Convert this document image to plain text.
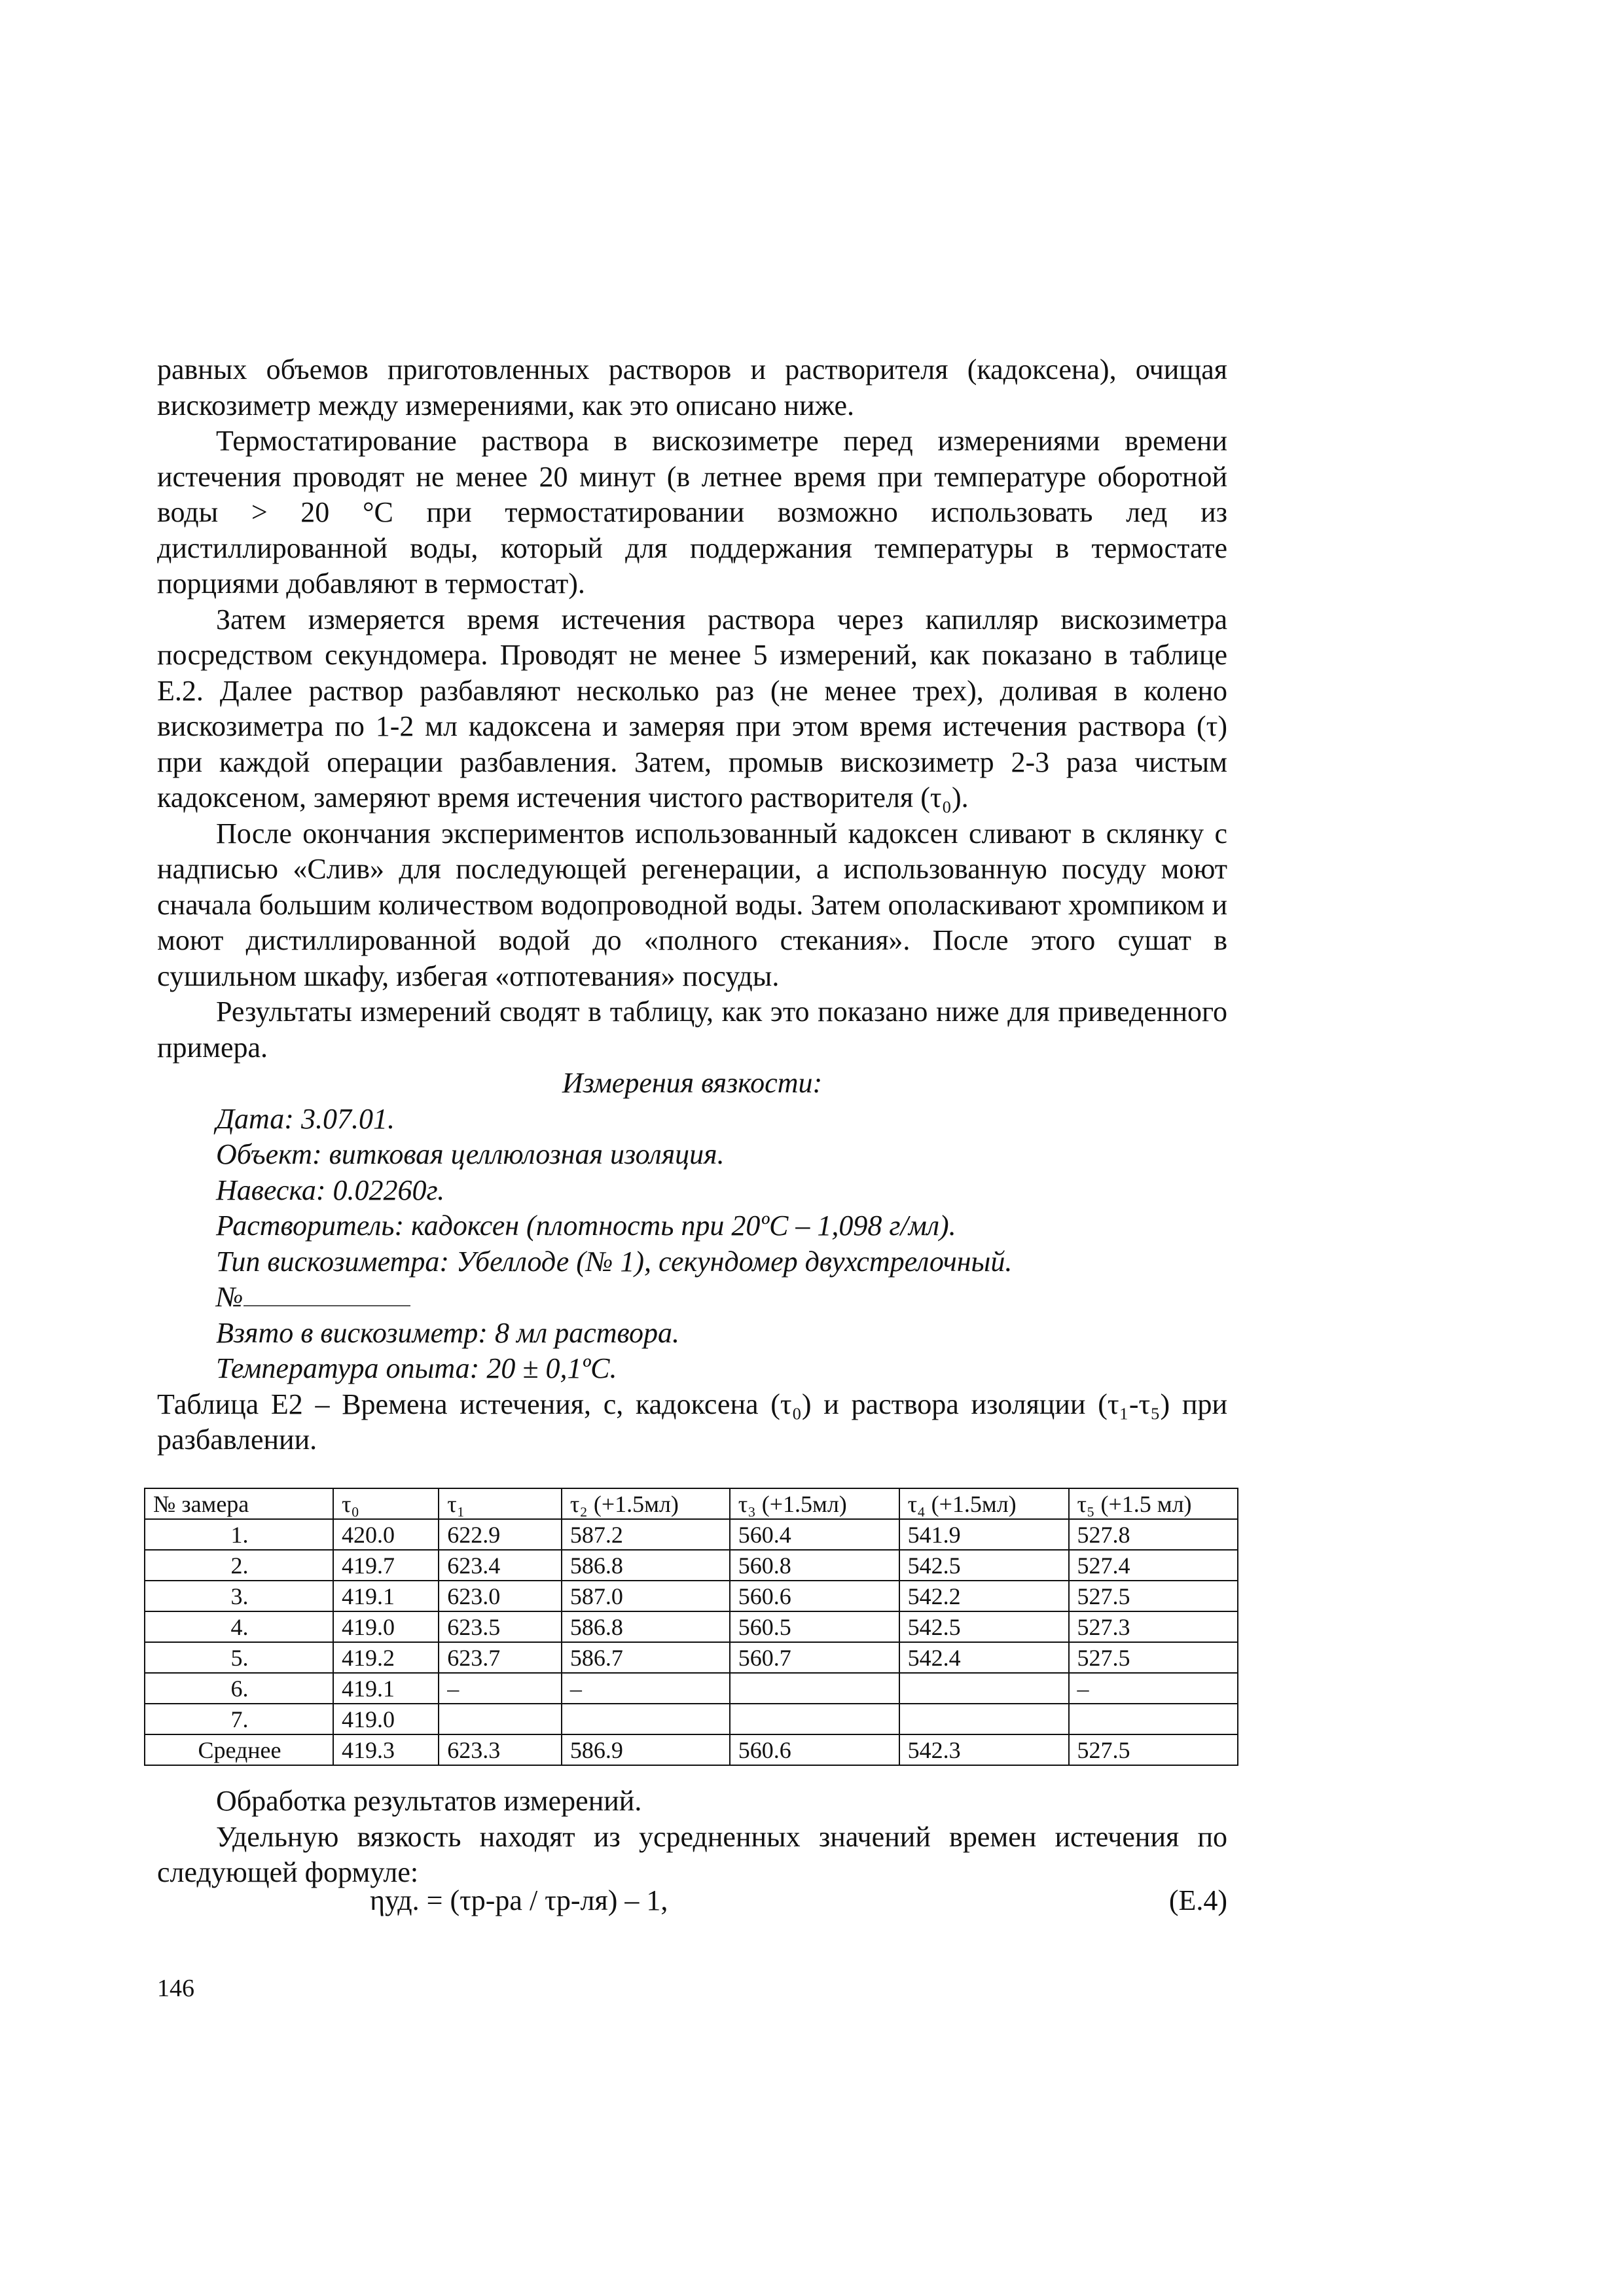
равных объемов приготовленных растворов и растворителя (кадоксена), очищая вискозиметр между измерениями, как это описано ниже.

Термостатирование раствора в вискозиметре перед измерениями времени истечения проводят не менее 20 минут (в летнее время при температуре оборотной воды > 20 °С при термостатировании возможно использовать лед из дистиллированной воды, который для поддержания температуры в термостате порциями добавляют в термостат).

Затем измеряется время истечения раствора через капилляр вискозиметра посредством секундомера. Проводят не менее 5 измерений, как показано в таблице Е.2. Далее раствор разбавляют несколько раз (не менее трех), доливая в колено вискозиметра по 1-2 мл кадоксена и замеряя при этом время истечения раствора (τ) при каждой операции разбавления. Затем, промыв вискозиметр 2-3 раза чистым кадоксеном, замеряют время истечения чистого растворителя (τ₀).

После окончания экспериментов использованный кадоксен сливают в склянку с надписью «Слив» для последующей регенерации, а использованную посуду моют сначала большим количеством водопроводной воды. Затем ополаскивают хромпиком и моют дистиллированной водой до «полного стекания». После этого сушат в сушильном шкафу, избегая «отпотевания» посуды.

Результаты измерений сводят в таблицу, как это показано ниже для приведенного примера.

Измерения вязкости:

Дата: 3.07.01.

Объект: витковая целлюлозная изоляция.

Навеска: 0.02260г.

Растворитель: кадоксен (плотность при 20ºС – 1,098 г/мл).

Тип вискозиметра: Убеллоде (№ 1), секундомер двухстрелочный.

№

Взято в вискозиметр: 8 мл раствора.

Температура опыта: 20 ± 0,1ºС.

Таблица Е2 – Времена истечения, с, кадоксена (τ₀) и раствора изоляции (τ₁-τ₅) при разбавлении.

№ замера	τ₀	τ₁	τ₂ (+1.5мл)	τ₃ (+1.5мл)	τ₄ (+1.5мл)	τ₅ (+1.5 мл)
1.	420.0	622.9	587.2	560.4	541.9	527.8
2.	419.7	623.4	586.8	560.8	542.5	527.4
3.	419.1	623.0	587.0	560.6	542.2	527.5
4.	419.0	623.5	586.8	560.5	542.5	527.3
5.	419.2	623.7	586.7	560.7	542.4	527.5
6.	419.1	–	–			–
7.	419.0					
Среднее	419.3	623.3	586.9	560.6	542.3	527.5

Обработка результатов измерений.

Удельную вязкость находят из усредненных значений времен истечения по следующей формуле:

ηуд. = (τр-ра / τр-ля) – 1,	(Е.4)
146
